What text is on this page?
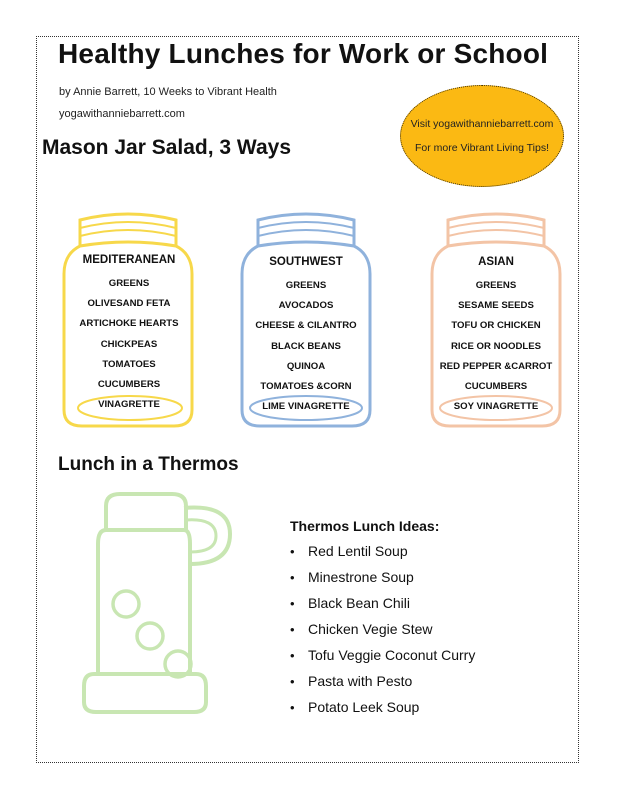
Healthy Lunches for Work or School
by Annie Barrett, 10 Weeks to Vibrant Health
yogawithanniebarrett.com
Visit yogawithanniebarrett.com
For more Vibrant Living Tips!
Mason Jar Salad, 3 Ways
MEDITERANEAN
GREENS
OLIVESAND FETA
ARTICHOKE HEARTS
CHICKPEAS
TOMATOES
CUCUMBERS
VINAGRETTE
SOUTHWEST
GREENS
AVOCADOS
CHEESE & CILANTRO
BLACK BEANS
QUINOA
TOMATOES &CORN
LIME VINAGRETTE
ASIAN
GREENS
SESAME SEEDS
TOFU OR CHICKEN
RICE OR NOODLES
RED PEPPER &CARROT
CUCUMBERS
SOY VINAGRETTE
Lunch in a Thermos
Thermos Lunch Ideas:
• Red Lentil Soup
• Minestrone Soup
• Black Bean Chili
• Chicken Vegie Stew
• Tofu Veggie Coconut Curry
• Pasta with Pesto
• Potato Leek Soup
